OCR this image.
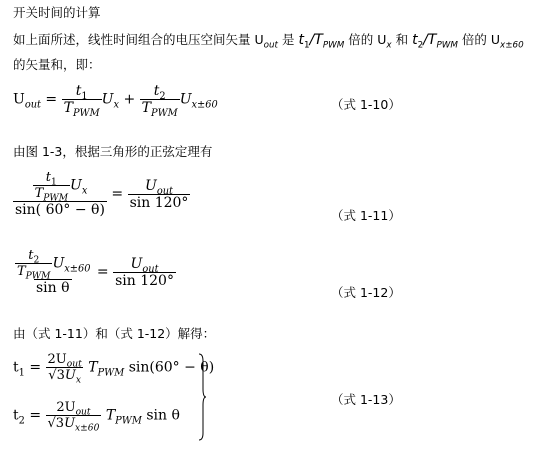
开关时间的计算
如上面所述，线性时间组合的电压空间矢量 $U_{out}$ 是 $t_1/T_{PWM}$ 倍的 $U_x$ 和 $t_2/T_{PWM}$ 倍的 $U_{x\pm 60}$
的矢量和，即：
$U_{out} = \frac{t_1}{T_{PWM}} U_x + \frac{t_2}{T_{PWM}} U_{x\pm 60}$	（式 1-10）
由图 1-3，根据三角形的正弦定理有
$\frac{\frac{t_1}{T_{PWM}} U_x}{\sin( 60^\circ - \theta)} = \frac{U_{out}}{\sin 120^\circ}$
（式 1-11）
$\frac{\frac{t_2}{T_{PWM}} U_{x\pm 60}}{\text{sin θ}} = \frac{U_{out}}{\sin 120^\circ}$
（式 1-12）
由（式 1-11）和（式 1-12）解得：
$t_1 = \frac{2U_{out}}{√3U_x} T_{PWM}$ sin(60° − θ)
$t_2 = \frac{2U_{out}}{√3U_{x\pm 60}} T_{PWM}$ sin θ
（式 1-13）
